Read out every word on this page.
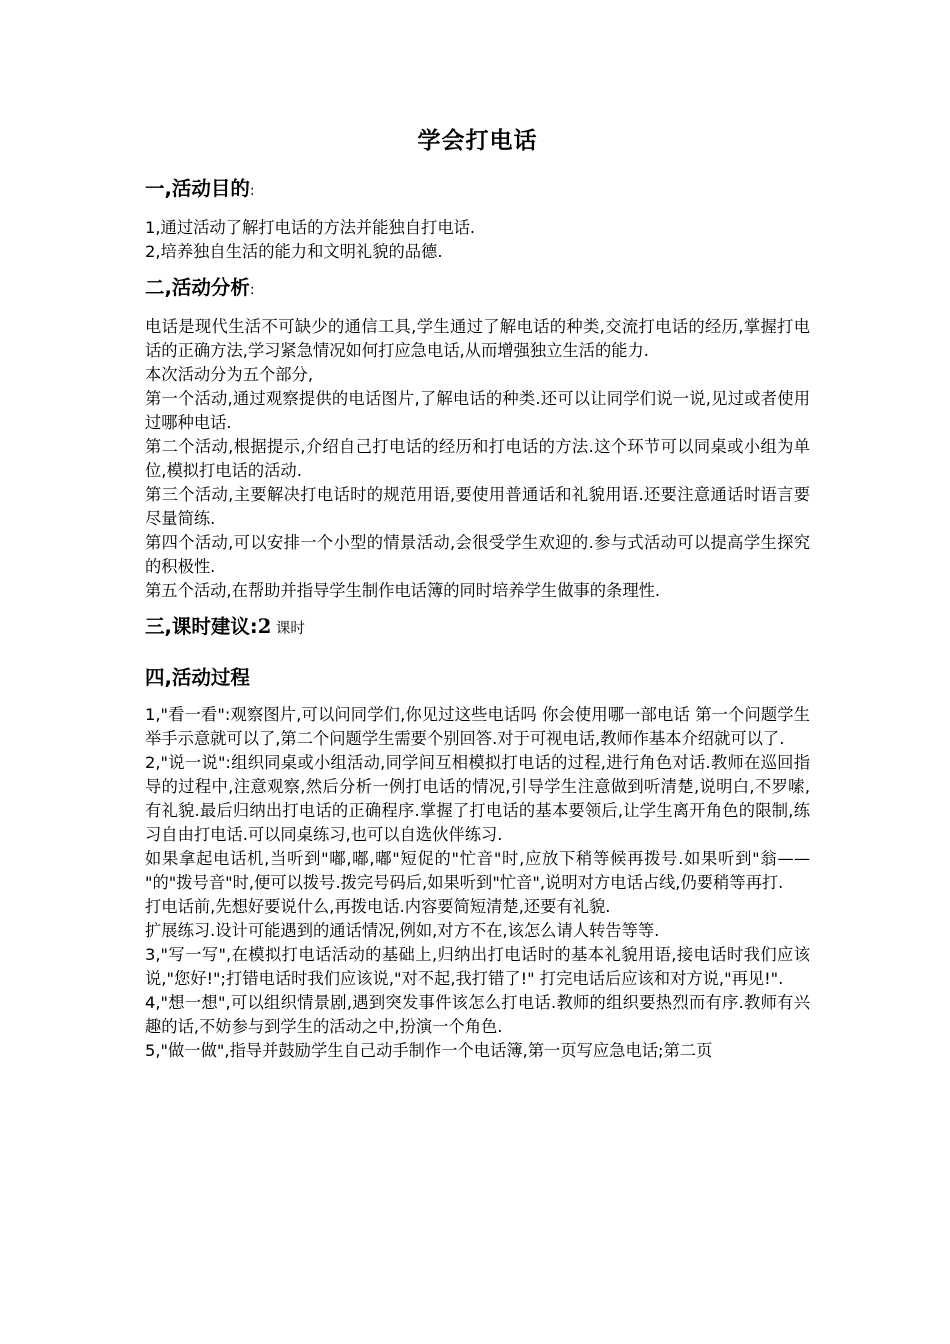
学会打电话
一,活动目的:

1,通过活动了解打电话的方法并能独自打电话.

2,培养独自生活的能力和文明礼貌的品德.

二,活动分析:

电话是现代生活不可缺少的通信工具,学生通过了解电话的种类,交流打电话的经历,掌握打电话的正确方法,学习紧急情况如何打应急电话,从而增强独立生活的能力.

本次活动分为五个部分,

第一个活动,通过观察提供的电话图片,了解电话的种类.还可以让同学们说一说,见过或者使用过哪种电话.

第二个活动,根据提示,介绍自己打电话的经历和打电话的方法.这个环节可以同桌或小组为单位,模拟打电话的活动.

第三个活动,主要解决打电话时的规范用语,要使用普通话和礼貌用语.还要注意通话时语言要尽量简练.

第四个活动,可以安排一个小型的情景活动,会很受学生欢迎的.参与式活动可以提高学生探究的积极性.

第五个活动,在帮助并指导学生制作电话簿的同时培养学生做事的条理性.

三,课时建议:2 课时
四,活动过程

1,"看一看":观察图片,可以问同学们,你见过这些电话吗 你会使用哪一部电话 第一个问题学生举手示意就可以了,第二个问题学生需要个别回答.对于可视电话,教师作基本介绍就可以了.

2,"说一说":组织同桌或小组活动,同学间互相模拟打电话的过程,进行角色对话.教师在巡回指导的过程中,注意观察,然后分析一例打电话的情况,引导学生注意做到听清楚,说明白,不罗嗦,有礼貌.最后归纳出打电话的正确程序.掌握了打电话的基本要领后,让学生离开角色的限制,练习自由打电话.可以同桌练习,也可以自选伙伴练习.

如果拿起电话机,当听到"嘟,嘟,嘟"短促的"忙音"时,应放下稍等候再拨号.如果听到"翁—— "的"拨号音"时,便可以拨号.拨完号码后,如果听到"忙音",说明对方电话占线,仍要稍等再打.

打电话前,先想好要说什么,再拨电话.内容要简短清楚,还要有礼貌.

扩展练习.设计可能遇到的通话情况,例如,对方不在,该怎么请人转告等等.

3,"写一写",在模拟打电话活动的基础上,归纳出打电话时的基本礼貌用语,接电话时我们应该说,"您好!";打错电话时我们应该说,"对不起,我打错了!" 打完电话后应该和对方说,"再见!".

4,"想一想",可以组织情景剧,遇到突发事件该怎么打电话.教师的组织要热烈而有序.教师有兴趣的话,不妨参与到学生的活动之中,扮演一个角色.

5,"做一做",指导并鼓励学生自己动手制作一个电话簿,第一页写应急电话;第二页
